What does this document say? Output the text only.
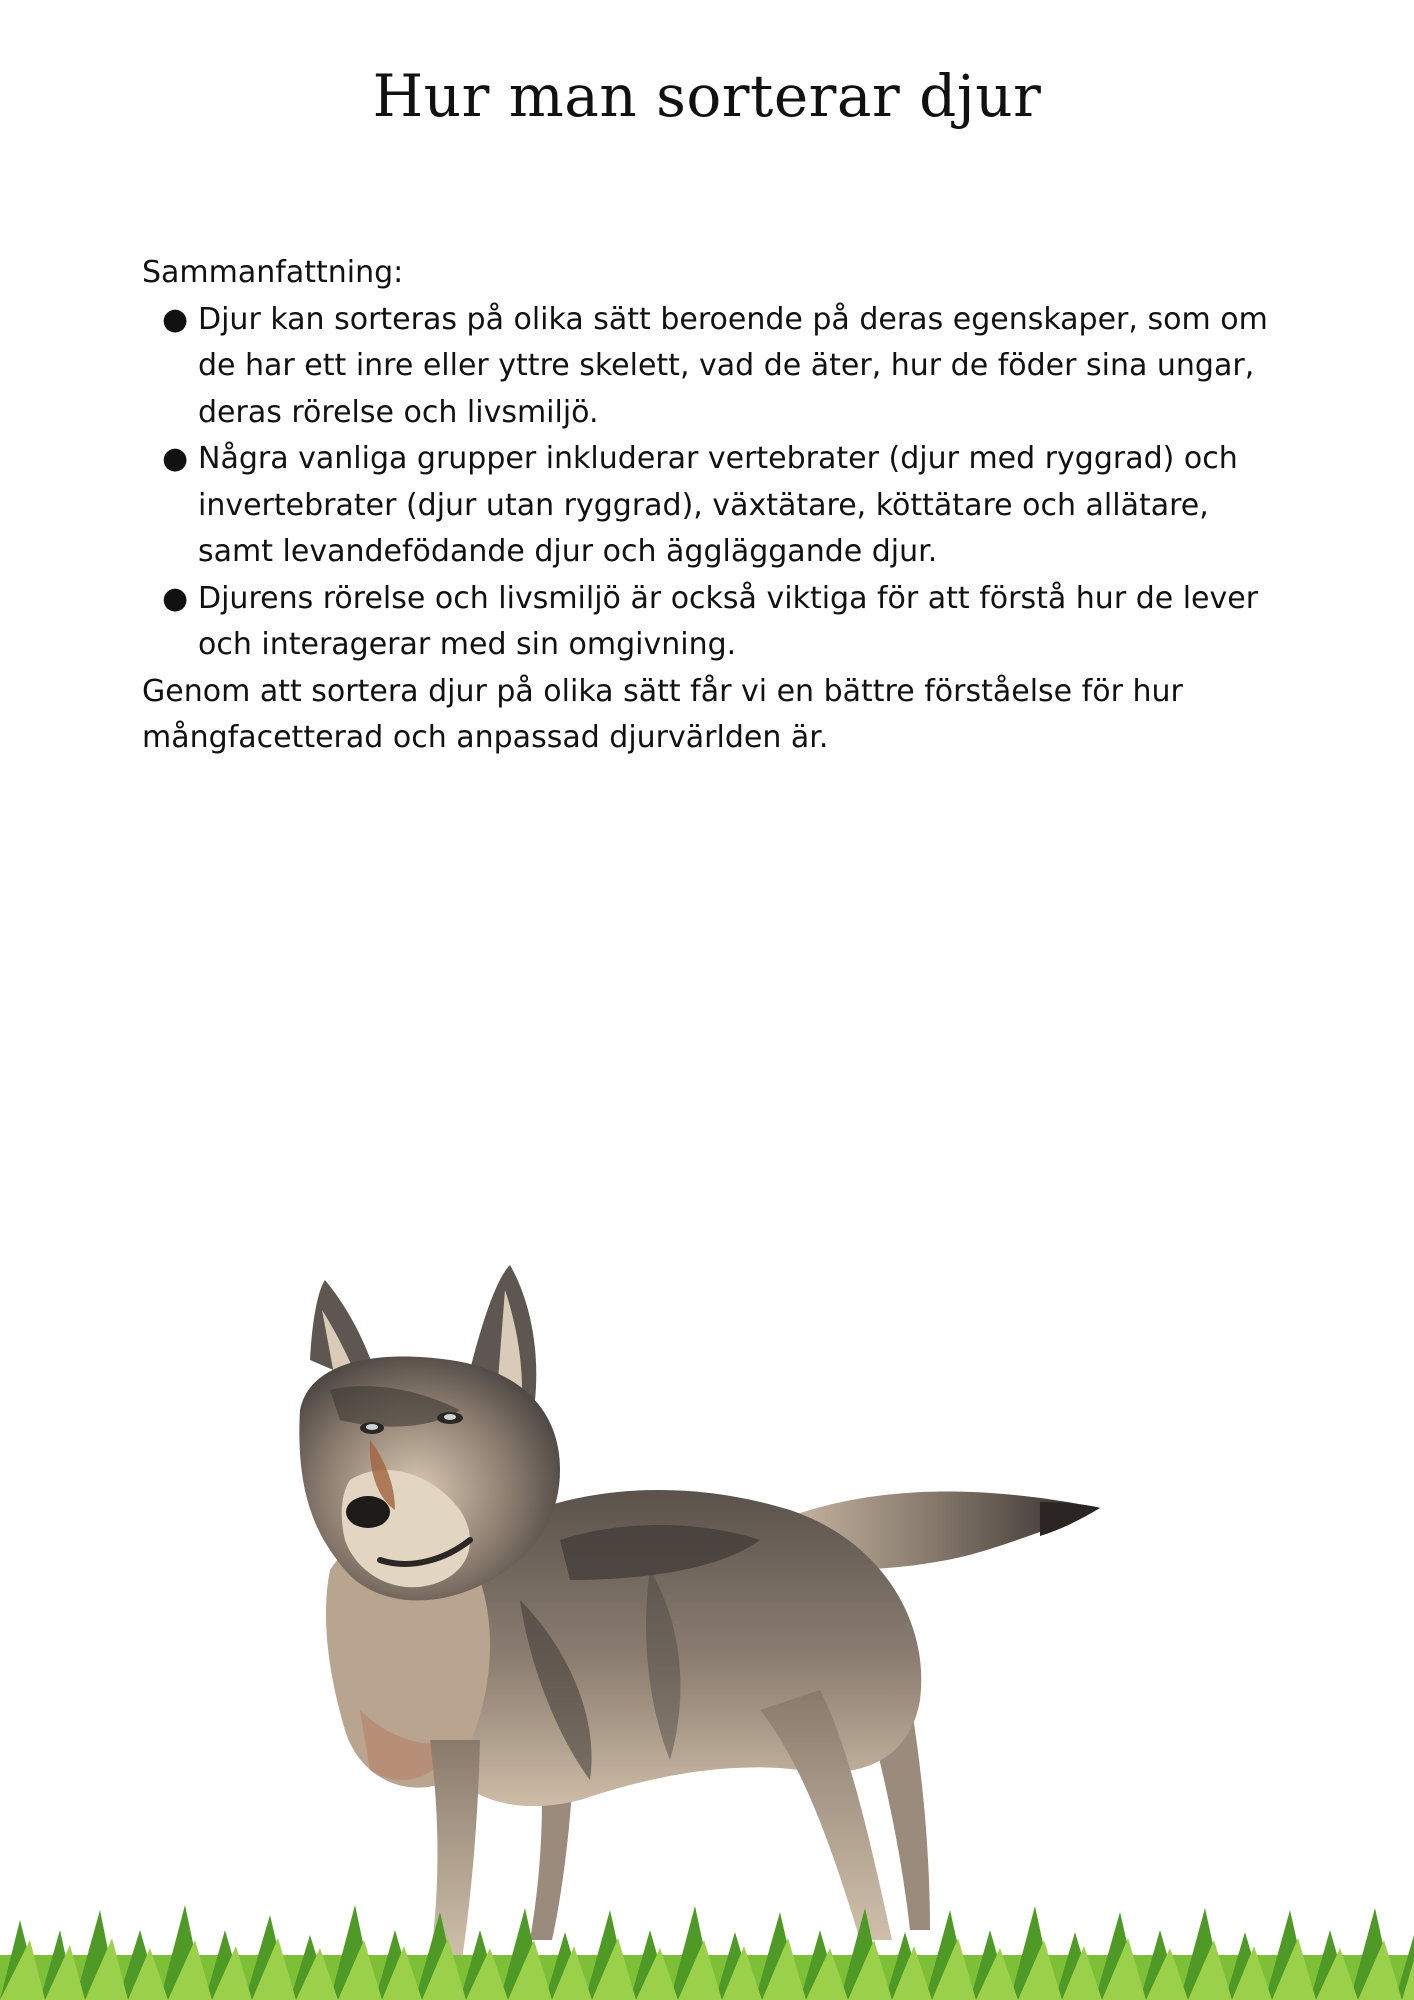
Hur man sorterar djur

Sammanfattning:

● Djur kan sorteras på olika sätt beroende på deras egenskaper, som om de har ett inre eller yttre skelett, vad de äter, hur de föder sina ungar, deras rörelse och livsmiljö.
● Några vanliga grupper inkluderar vertebrater (djur med ryggrad) och invertebrater (djur utan ryggrad), växtätare, köttätare och allätare, samt levandefödande djur och äggläggande djur.
● Djurens rörelse och livsmiljö är också viktiga för att förstå hur de lever och interagerar med sin omgivning.

Genom att sortera djur på olika sätt får vi en bättre förståelse för hur mångfacetterad och anpassad djurvärlden är.
